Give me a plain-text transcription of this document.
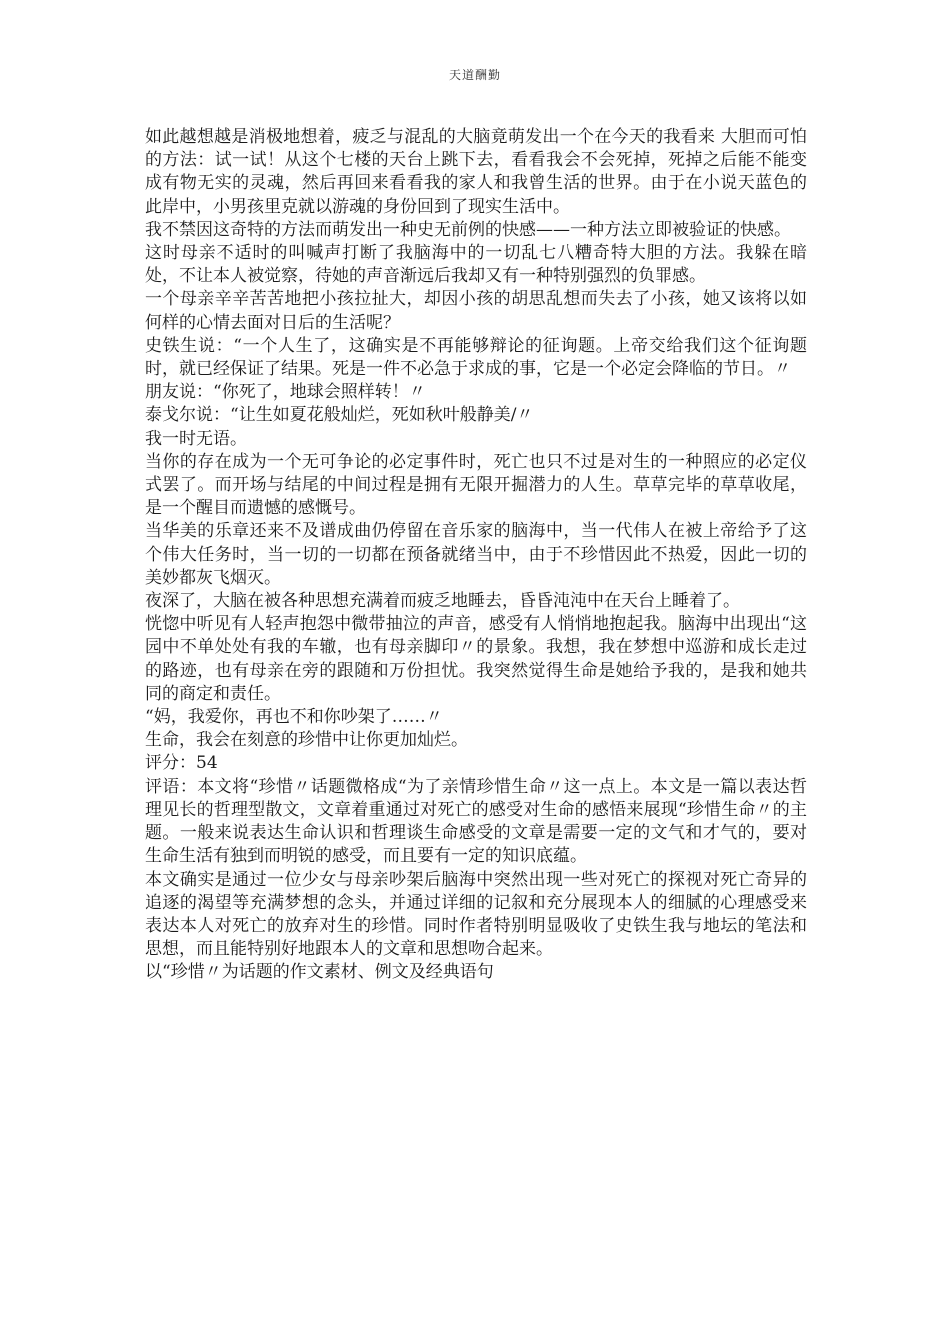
天道酬勤

如此越想越是消极地想着，疲乏与混乱的大脑竟萌发出一个在今天的我看来 大胆而可怕的方法：试一试！从这个七楼的天台上跳下去，看看我会不会死掉，死掉之后能不能变成有物无实的灵魂，然后再回来看看我的家人和我曾生活的世界。由于在小说天蓝色的此岸中，小男孩里克就以游魂的身份回到了现实生活中。

我不禁因这奇特的方法而萌发出一种史无前例的快感——一种方法立即被验证的快感。

这时母亲不适时的叫喊声打断了我脑海中的一切乱七八糟奇特大胆的方法。我躲在暗处，不让本人被觉察，待她的声音渐远后我却又有一种特别强烈的负罪感。

一个母亲辛辛苦苦地把小孩拉扯大，却因小孩的胡思乱想而失去了小孩，她又该将以如何样的心情去面对日后的生活呢？

史铁生说：“一个人生了，这确实是不再能够辩论的征询题。上帝交给我们这个征询题时，就已经保证了结果。死是一件不必急于求成的事，它是一个必定会降临的节日。〃

朋友说：“你死了，地球会照样转！〃

泰戈尔说：“让生如夏花般灿烂，死如秋叶般静美/〃

我一时无语。

当你的存在成为一个无可争论的必定事件时，死亡也只不过是对生的一种照应的必定仪式罢了。而开场与结尾的中间过程是拥有无限开掘潜力的人生。草草完毕的草草收尾，是一个醒目而遗憾的感慨号。

当华美的乐章还来不及谱成曲仍停留在音乐家的脑海中，当一代伟人在被上帝给予了这个伟大任务时，当一切的一切都在预备就绪当中，由于不珍惜因此不热爱，因此一切的美妙都灰飞烟灭。

夜深了，大脑在被各种思想充满着而疲乏地睡去，昏昏沌沌中在天台上睡着了。

恍惚中听见有人轻声抱怨中微带抽泣的声音，感受有人悄悄地抱起我。脑海中出现出“这园中不单处处有我的车辙，也有母亲脚印〃的景象。我想，我在梦想中巡游和成长走过的路迹，也有母亲在旁的跟随和万份担忧。我突然觉得生命是她给予我的，是我和她共同的商定和责任。

“妈，我爱你，再也不和你吵架了……〃

生命，我会在刻意的珍惜中让你更加灿烂。

评分：54

评语：本文将“珍惜〃话题微格成“为了亲情珍惜生命〃这一点上。本文是一篇以表达哲理见长的哲理型散文，文章着重通过对死亡的感受对生命的感悟来展现“珍惜生命〃的主题。一般来说表达生命认识和哲理谈生命感受的文章是需要一定的文气和才气的，要对生命生活有独到而明锐的感受，而且要有一定的知识底蕴。

本文确实是通过一位少女与母亲吵架后脑海中突然出现一些对死亡的探视对死亡奇异的追逐的渴望等充满梦想的念头，并通过详细的记叙和充分展现本人的细腻的心理感受来表达本人对死亡的放弃对生的珍惜。同时作者特别明显吸收了史铁生我与地坛的笔法和思想，而且能特别好地跟本人的文章和思想吻合起来。

以“珍惜〃为话题的作文素材、例文及经典语句
